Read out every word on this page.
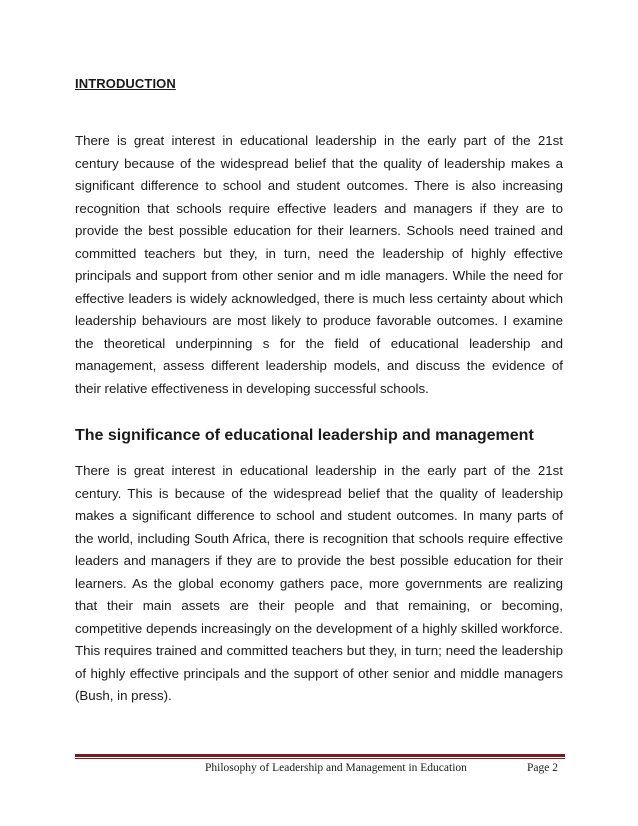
INTRODUCTION

There is great interest in educational leadership in the early part of the 21st century because of the widespread belief that the quality of leadership makes a significant difference to school and student outcomes. There is also increasing recognition that schools require effective leaders and managers if they are to provide the best possible education for their learners. Schools need trained and committed teachers but they, in turn, need the leadership of highly effective principals and support from other senior and m idle managers. While the need for effective leaders is widely acknowledged, there is much less certainty about which leadership behaviours are most likely to produce favorable outcomes. I examine the theoretical underpinning s for the field of educational leadership and management, assess different leadership models, and discuss the evidence of their relative effectiveness in developing successful schools.

The significance of educational leadership and management

There is great interest in educational leadership in the early part of the 21st century. This is because of the widespread belief that the quality of leadership makes a significant difference to school and student outcomes. In many parts of the world, including South Africa, there is recognition that schools require effective leaders and managers if they are to provide the best possible education for their learners. As the global economy gathers pace, more governments are realizing that their main assets are their people and that remaining, or becoming, competitive depends increasingly on the development of a highly skilled workforce. This requires trained and committed teachers but they, in turn; need the leadership of highly effective principals and the support of other senior and middle managers (Bush, in press).

Philosophy of Leadership and Management in Education	Page 2
